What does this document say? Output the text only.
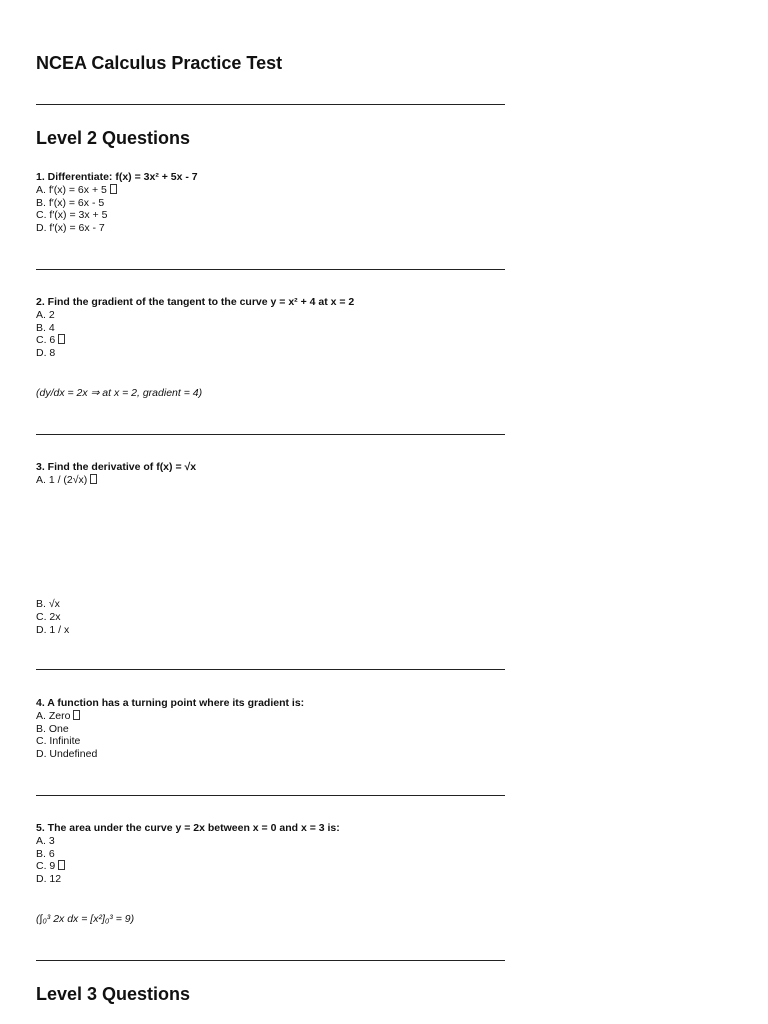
NCEA Calculus Practice Test
Level 2 Questions
1. Differentiate: f(x) = 3x² + 5x - 7
A. f′(x) = 6x + 5
B. f′(x) = 6x - 5
C. f′(x) = 3x + 5
D. f′(x) = 6x - 7
2. Find the gradient of the tangent to the curve y = x² + 4 at x = 2
A. 2
B. 4
C. 6
D. 8
(dy/dx = 2x ⇒ at x = 2, gradient = 4)
3. Find the derivative of f(x) = √x
A. 1 / (2√x)
B. √x
C. 2x
D. 1 / x
4. A function has a turning point where its gradient is:
A. Zero
B. One
C. Infinite
D. Undefined
5. The area under the curve y = 2x between x = 0 and x = 3 is:
A. 3
B. 6
C. 9
D. 12
(∫₀³ 2x dx = [x²]₀³ = 9)
Level 3 Questions
